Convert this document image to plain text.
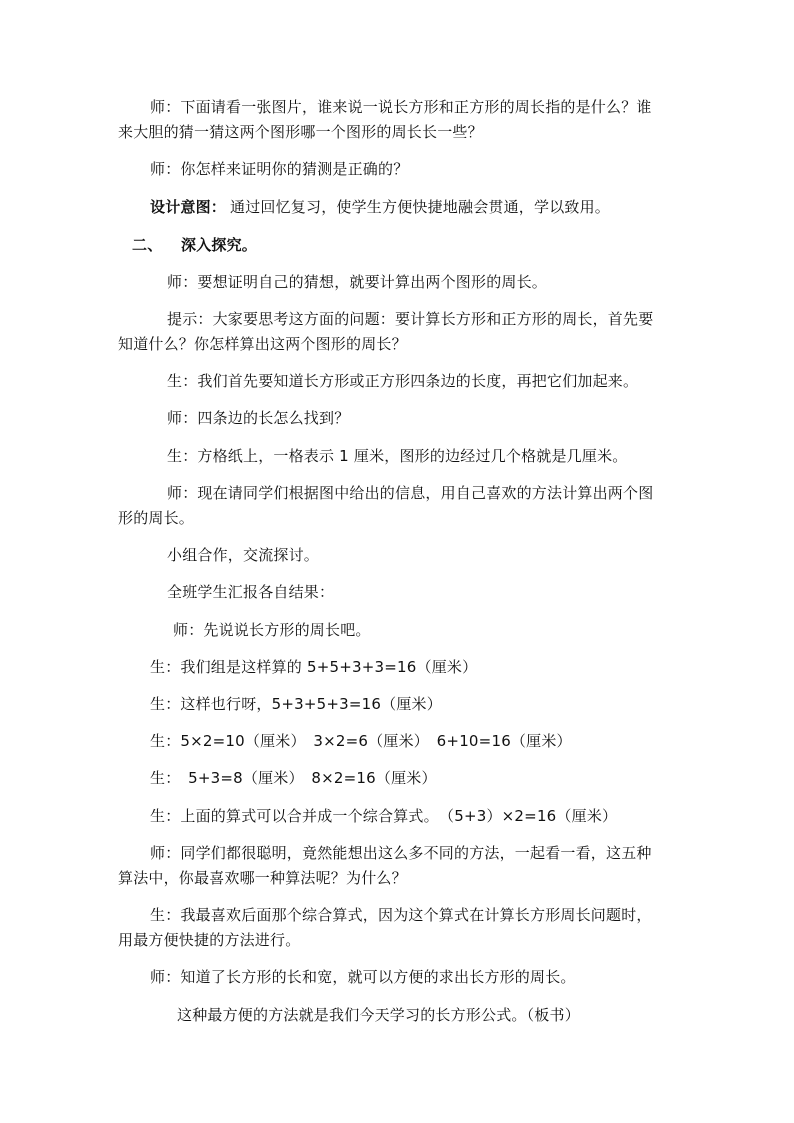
师：下面请看一张图片，谁来说一说长方形和正方形的周长指的是什么？谁
来大胆的猜一猜这两个图形哪一个图形的周长长一些？
师：你怎样来证明你的猜测是正确的？
设计意图： 通过回忆复习，使学生方便快捷地融会贯通，学以致用。
二、 深入探究。
师：要想证明自己的猜想，就要计算出两个图形的周长。
提示：大家要思考这方面的问题：要计算长方形和正方形的周长，首先要
知道什么？你怎样算出这两个图形的周长？
生：我们首先要知道长方形或正方形四条边的长度，再把它们加起来。
师：四条边的长怎么找到？
生：方格纸上，一格表示 1 厘米，图形的边经过几个格就是几厘米。
师：现在请同学们根据图中给出的信息，用自己喜欢的方法计算出两个图
形的周长。
小组合作，交流探讨。
全班学生汇报各自结果：
师：先说说长方形的周长吧。
生：我们组是这样算的 5+5+3+3=16（厘米）
生：这样也行呀，5+3+5+3=16（厘米）
生：5×2=10（厘米）　3×2=6（厘米）　6+10=16（厘米）
生：　5+3=8（厘米）　8×2=16（厘米）
生：上面的算式可以合并成一个综合算式。　（5+3）×2=16（厘米）
师：同学们都很聪明，竟然能想出这么多不同的方法，一起看一看，这五种
算法中，你最喜欢哪一种算法呢？为什么？
生：我最喜欢后面那个综合算式，因为这个算式在计算长方形周长问题时，
用最方便快捷的方法进行。
师：知道了长方形的长和宽，就可以方便的求出长方形的周长。
这种最方便的方法就是我们今天学习的长方形公式。（板书）
